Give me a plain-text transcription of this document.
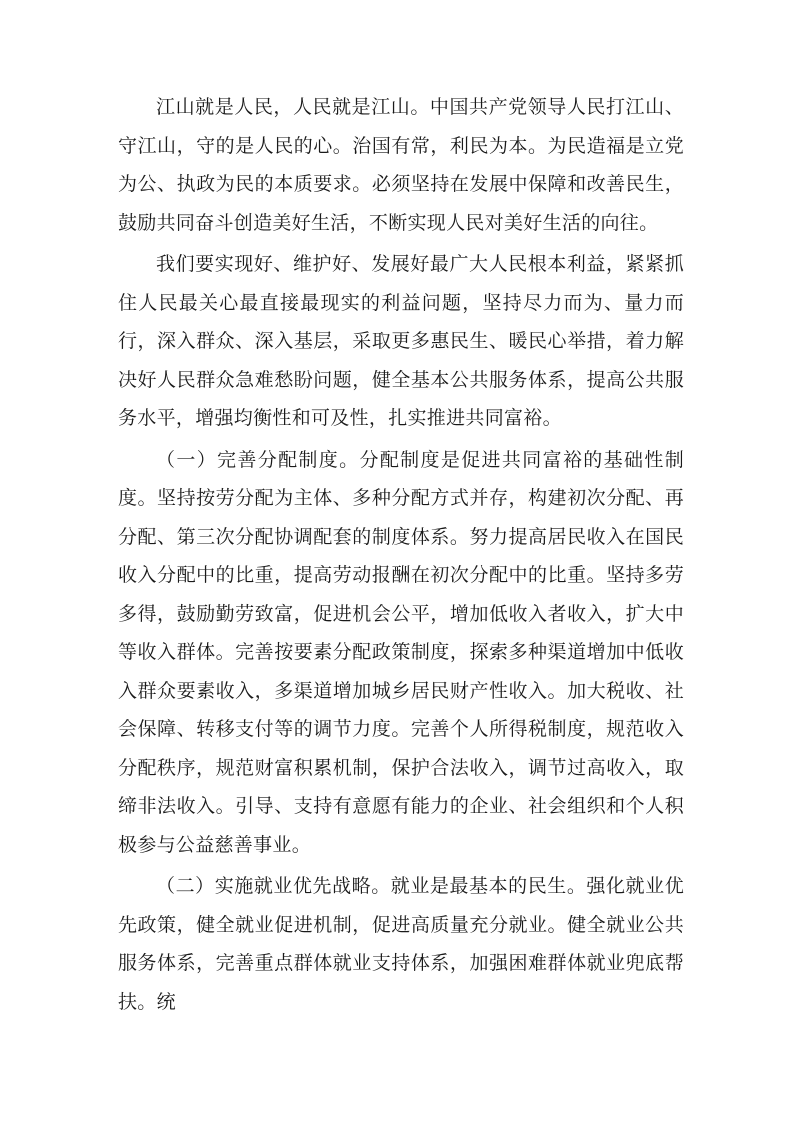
江山就是人民，人民就是江山。中国共产党领导人民打江山、守江山，守的是人民的心。治国有常，利民为本。为民造福是立党为公、执政为民的本质要求。必须坚持在发展中保障和改善民生，鼓励共同奋斗创造美好生活，不断实现人民对美好生活的向往。

我们要实现好、维护好、发展好最广大人民根本利益，紧紧抓住人民最关心最直接最现实的利益问题，坚持尽力而为、量力而行，深入群众、深入基层，采取更多惠民生、暖民心举措，着力解决好人民群众急难愁盼问题，健全基本公共服务体系，提高公共服务水平，增强均衡性和可及性，扎实推进共同富裕。

（一）完善分配制度。分配制度是促进共同富裕的基础性制度。坚持按劳分配为主体、多种分配方式并存，构建初次分配、再分配、第三次分配协调配套的制度体系。努力提高居民收入在国民收入分配中的比重，提高劳动报酬在初次分配中的比重。坚持多劳多得，鼓励勤劳致富，促进机会公平，增加低收入者收入，扩大中等收入群体。完善按要素分配政策制度，探索多种渠道增加中低收入群众要素收入，多渠道增加城乡居民财产性收入。加大税收、社会保障、转移支付等的调节力度。完善个人所得税制度，规范收入分配秩序，规范财富积累机制，保护合法收入，调节过高收入，取缔非法收入。引导、支持有意愿有能力的企业、社会组织和个人积极参与公益慈善事业。

（二）实施就业优先战略。就业是最基本的民生。强化就业优先政策，健全就业促进机制，促进高质量充分就业。健全就业公共服务体系，完善重点群体就业支持体系，加强困难群体就业兜底帮扶。统
